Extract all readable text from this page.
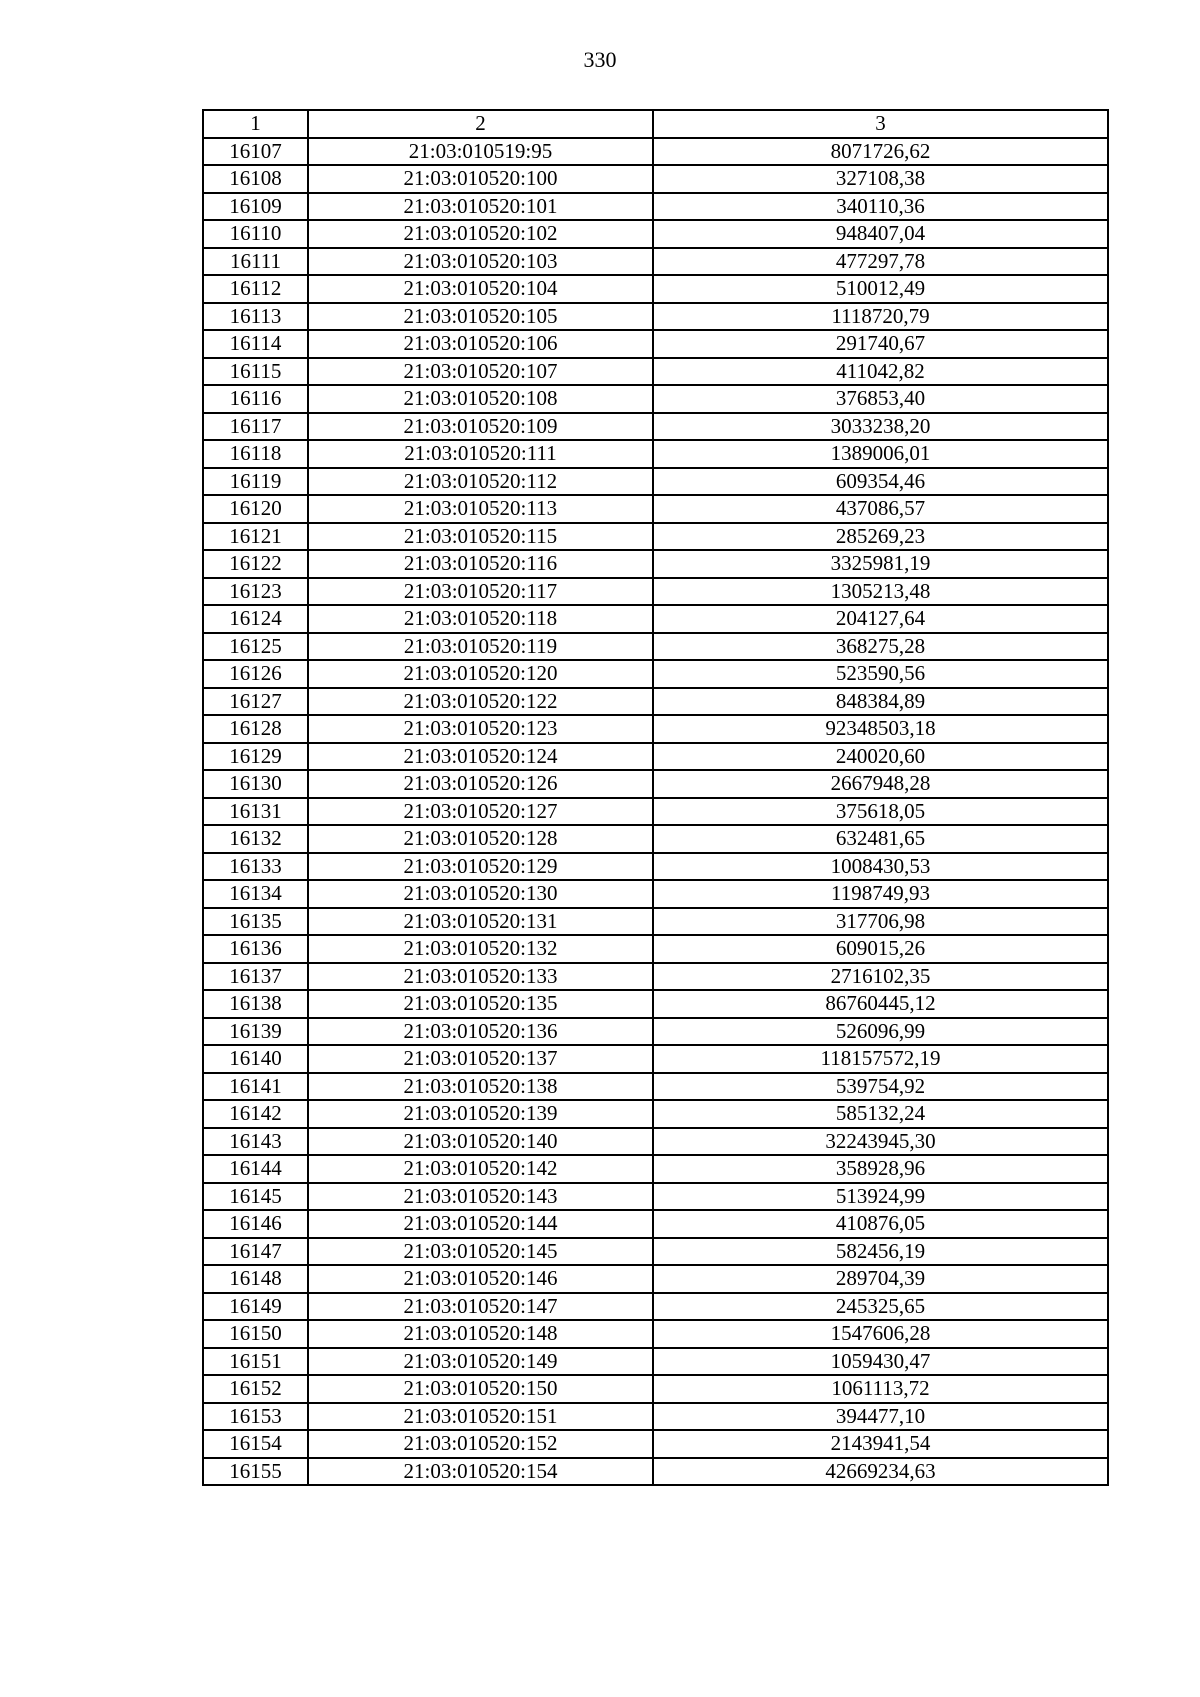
330
1	2	3
16107	21:03:010519:95	8071726,62
16108	21:03:010520:100	327108,38
16109	21:03:010520:101	340110,36
16110	21:03:010520:102	948407,04
16111	21:03:010520:103	477297,78
16112	21:03:010520:104	510012,49
16113	21:03:010520:105	1118720,79
16114	21:03:010520:106	291740,67
16115	21:03:010520:107	411042,82
16116	21:03:010520:108	376853,40
16117	21:03:010520:109	3033238,20
16118	21:03:010520:111	1389006,01
16119	21:03:010520:112	609354,46
16120	21:03:010520:113	437086,57
16121	21:03:010520:115	285269,23
16122	21:03:010520:116	3325981,19
16123	21:03:010520:117	1305213,48
16124	21:03:010520:118	204127,64
16125	21:03:010520:119	368275,28
16126	21:03:010520:120	523590,56
16127	21:03:010520:122	848384,89
16128	21:03:010520:123	92348503,18
16129	21:03:010520:124	240020,60
16130	21:03:010520:126	2667948,28
16131	21:03:010520:127	375618,05
16132	21:03:010520:128	632481,65
16133	21:03:010520:129	1008430,53
16134	21:03:010520:130	1198749,93
16135	21:03:010520:131	317706,98
16136	21:03:010520:132	609015,26
16137	21:03:010520:133	2716102,35
16138	21:03:010520:135	86760445,12
16139	21:03:010520:136	526096,99
16140	21:03:010520:137	118157572,19
16141	21:03:010520:138	539754,92
16142	21:03:010520:139	585132,24
16143	21:03:010520:140	32243945,30
16144	21:03:010520:142	358928,96
16145	21:03:010520:143	513924,99
16146	21:03:010520:144	410876,05
16147	21:03:010520:145	582456,19
16148	21:03:010520:146	289704,39
16149	21:03:010520:147	245325,65
16150	21:03:010520:148	1547606,28
16151	21:03:010520:149	1059430,47
16152	21:03:010520:150	1061113,72
16153	21:03:010520:151	394477,10
16154	21:03:010520:152	2143941,54
16155	21:03:010520:154	42669234,63
